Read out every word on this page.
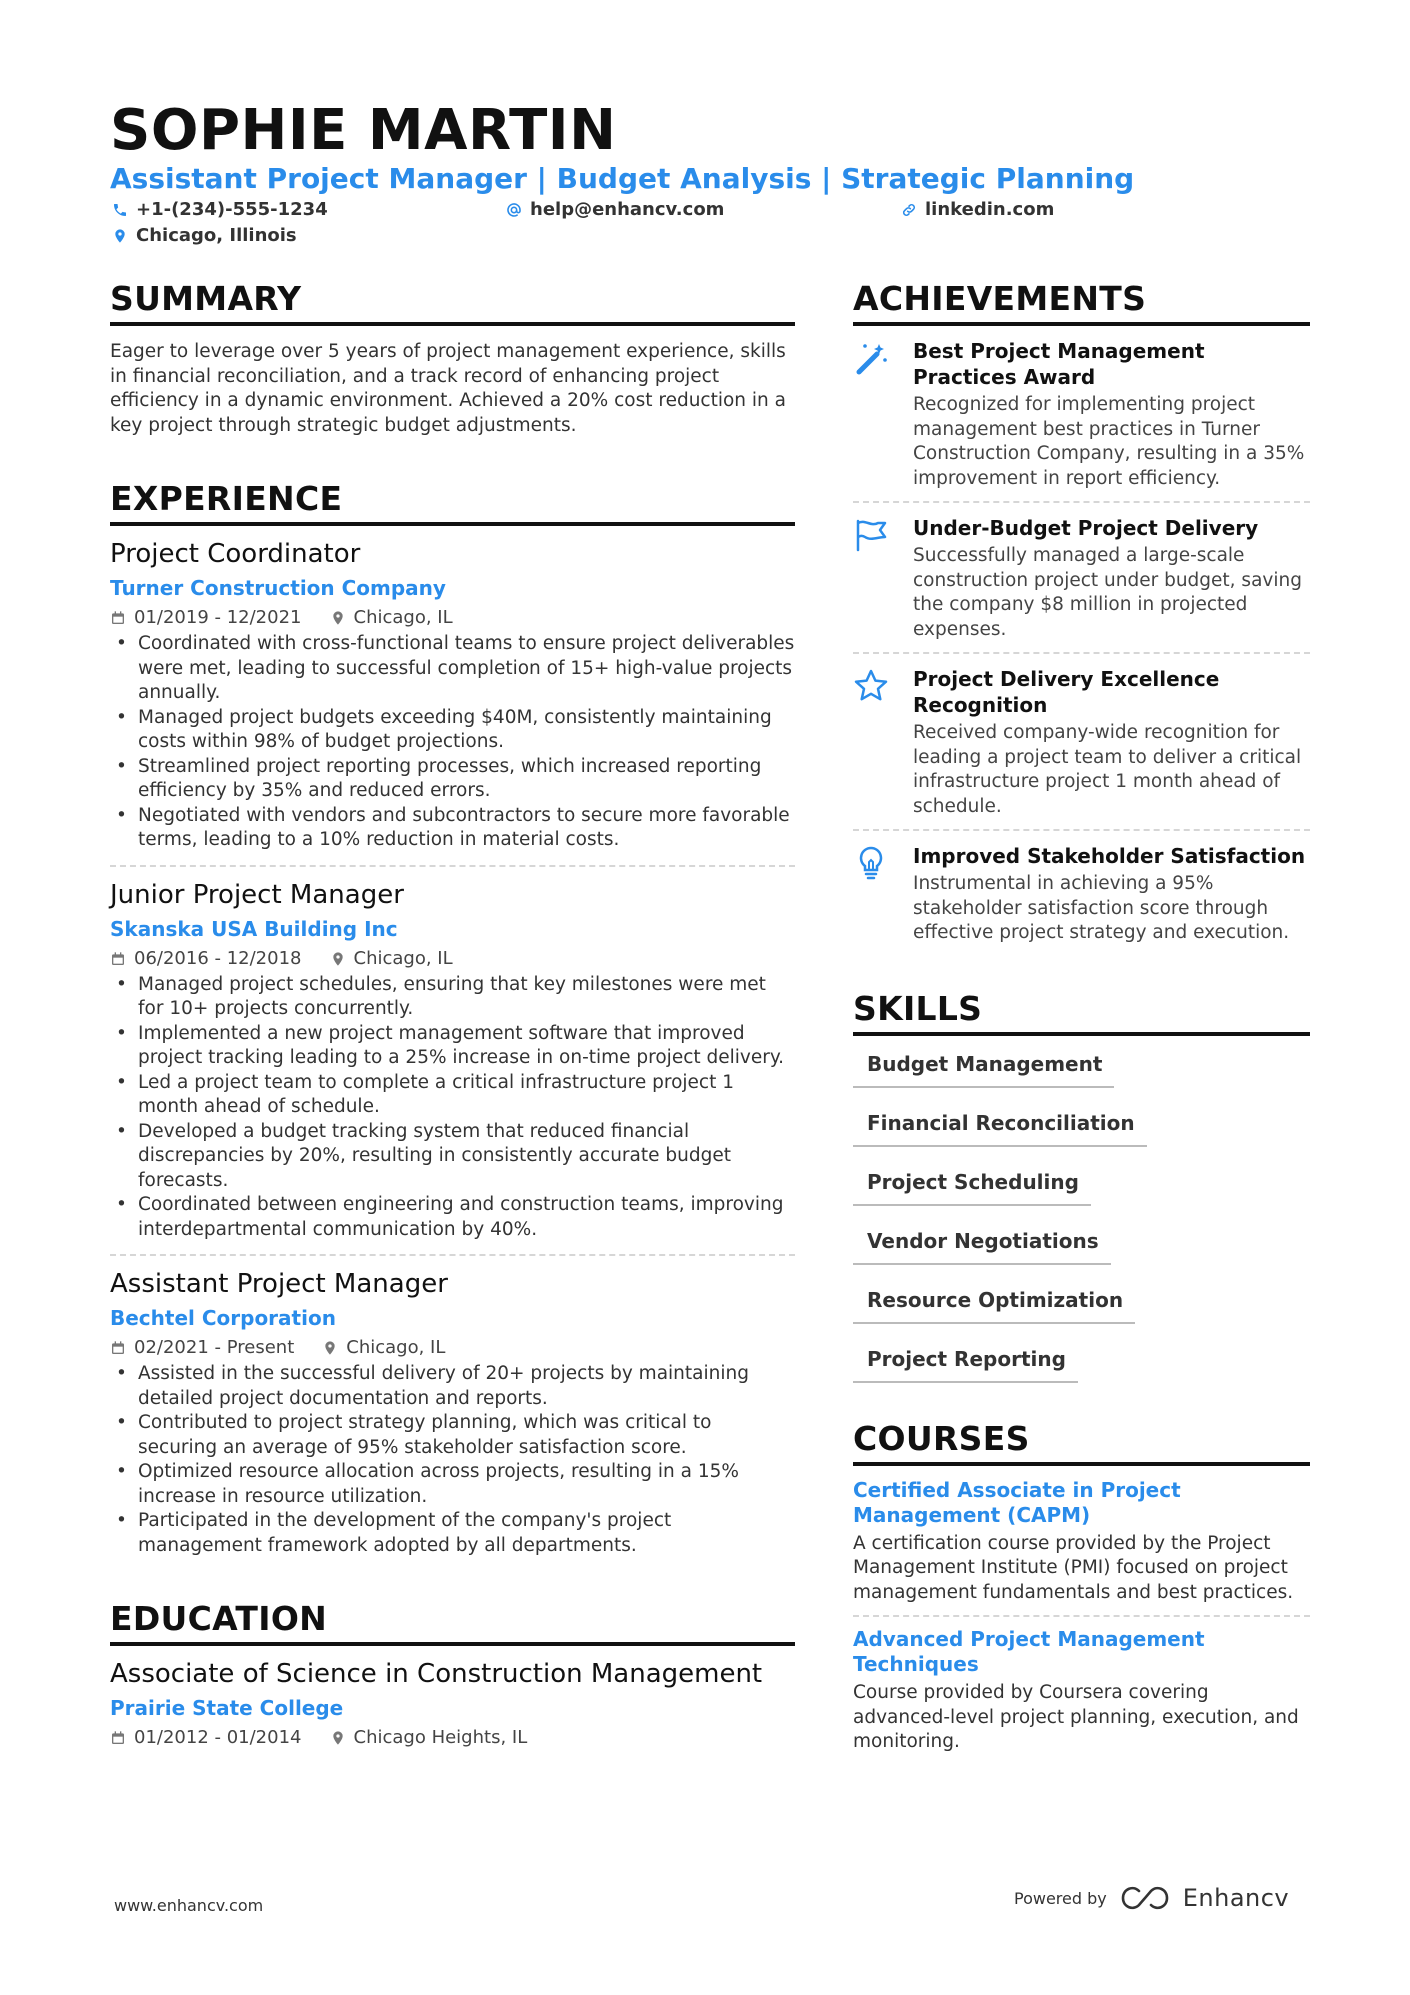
SOPHIE MARTIN
Assistant Project Manager | Budget Analysis | Strategic Planning
+1-(234)-555-1234	help@enhancv.com	linkedin.com
Chicago, Illinois
SUMMARY
Eager to leverage over 5 years of project management experience, skills in financial reconciliation, and a track record of enhancing project efficiency in a dynamic environment. Achieved a 20% cost reduction in a key project through strategic budget adjustments.
EXPERIENCE
Project Coordinator
Turner Construction Company
01/2019 - 12/2021	Chicago, IL
• Coordinated with cross-functional teams to ensure project deliverables were met, leading to successful completion of 15+ high-value projects annually.
• Managed project budgets exceeding $40M, consistently maintaining costs within 98% of budget projections.
• Streamlined project reporting processes, which increased reporting efficiency by 35% and reduced errors.
• Negotiated with vendors and subcontractors to secure more favorable terms, leading to a 10% reduction in material costs.
Junior Project Manager
Skanska USA Building Inc
06/2016 - 12/2018	Chicago, IL
• Managed project schedules, ensuring that key milestones were met for 10+ projects concurrently.
• Implemented a new project management software that improved project tracking leading to a 25% increase in on-time project delivery.
• Led a project team to complete a critical infrastructure project 1 month ahead of schedule.
• Developed a budget tracking system that reduced financial discrepancies by 20%, resulting in consistently accurate budget forecasts.
• Coordinated between engineering and construction teams, improving interdepartmental communication by 40%.
Assistant Project Manager
Bechtel Corporation
02/2021 - Present	Chicago, IL
• Assisted in the successful delivery of 20+ projects by maintaining detailed project documentation and reports.
• Contributed to project strategy planning, which was critical to securing an average of 95% stakeholder satisfaction score.
• Optimized resource allocation across projects, resulting in a 15% increase in resource utilization.
• Participated in the development of the company's project management framework adopted by all departments.
EDUCATION
Associate of Science in Construction Management
Prairie State College
01/2012 - 01/2014	Chicago Heights, IL
ACHIEVEMENTS
Best Project Management Practices Award
Recognized for implementing project management best practices in Turner Construction Company, resulting in a 35% improvement in report efficiency.
Under-Budget Project Delivery
Successfully managed a large-scale construction project under budget, saving the company $8 million in projected expenses.
Project Delivery Excellence Recognition
Received company-wide recognition for leading a project team to deliver a critical infrastructure project 1 month ahead of schedule.
Improved Stakeholder Satisfaction
Instrumental in achieving a 95% stakeholder satisfaction score through effective project strategy and execution.
SKILLS
Budget Management
Financial Reconciliation
Project Scheduling
Vendor Negotiations
Resource Optimization
Project Reporting
COURSES
Certified Associate in Project Management (CAPM)
A certification course provided by the Project Management Institute (PMI) focused on project management fundamentals and best practices.
Advanced Project Management Techniques
Course provided by Coursera covering advanced-level project planning, execution, and monitoring.
www.enhancv.com	Powered by	Enhancv
